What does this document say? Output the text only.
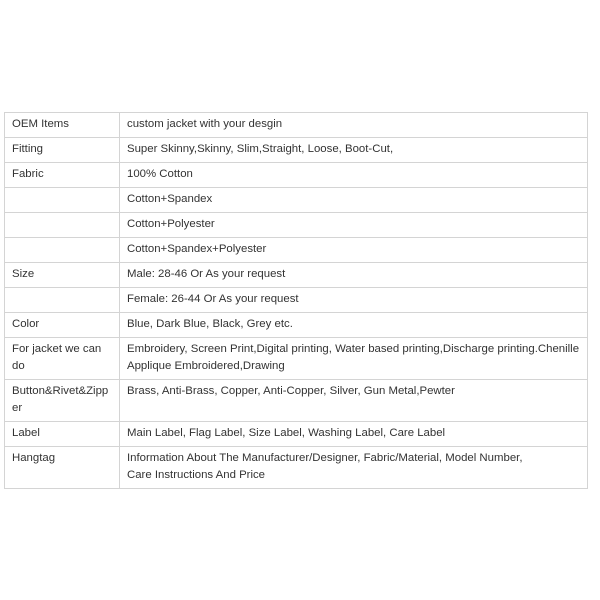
OEM Items	custom jacket with your desgin

Fitting	Super Skinny,Skinny, Slim,Straight, Loose, Boot-Cut,

Fabric	100% Cotton

	Cotton+Spandex

	Cotton+Polyester

	Cotton+Spandex+Polyester

Size	Male: 28-46 Or As your request

	Female: 26-44 Or As your request

Color	Blue, Dark Blue, Black, Grey etc.

For jacket we can do	Embroidery, Screen Print,Digital printing, Water based printing,Discharge printing.Chenille Applique Embroidered,Drawing

Button&Rivet&Zipper	Brass, Anti-Brass, Copper, Anti-Copper, Silver, Gun Metal,Pewter

Label	Main Label, Flag Label, Size Label, Washing Label, Care Label

Hangtag	Information About The Manufacturer/Designer, Fabric/Material, Model Number,
Care Instructions And Price
